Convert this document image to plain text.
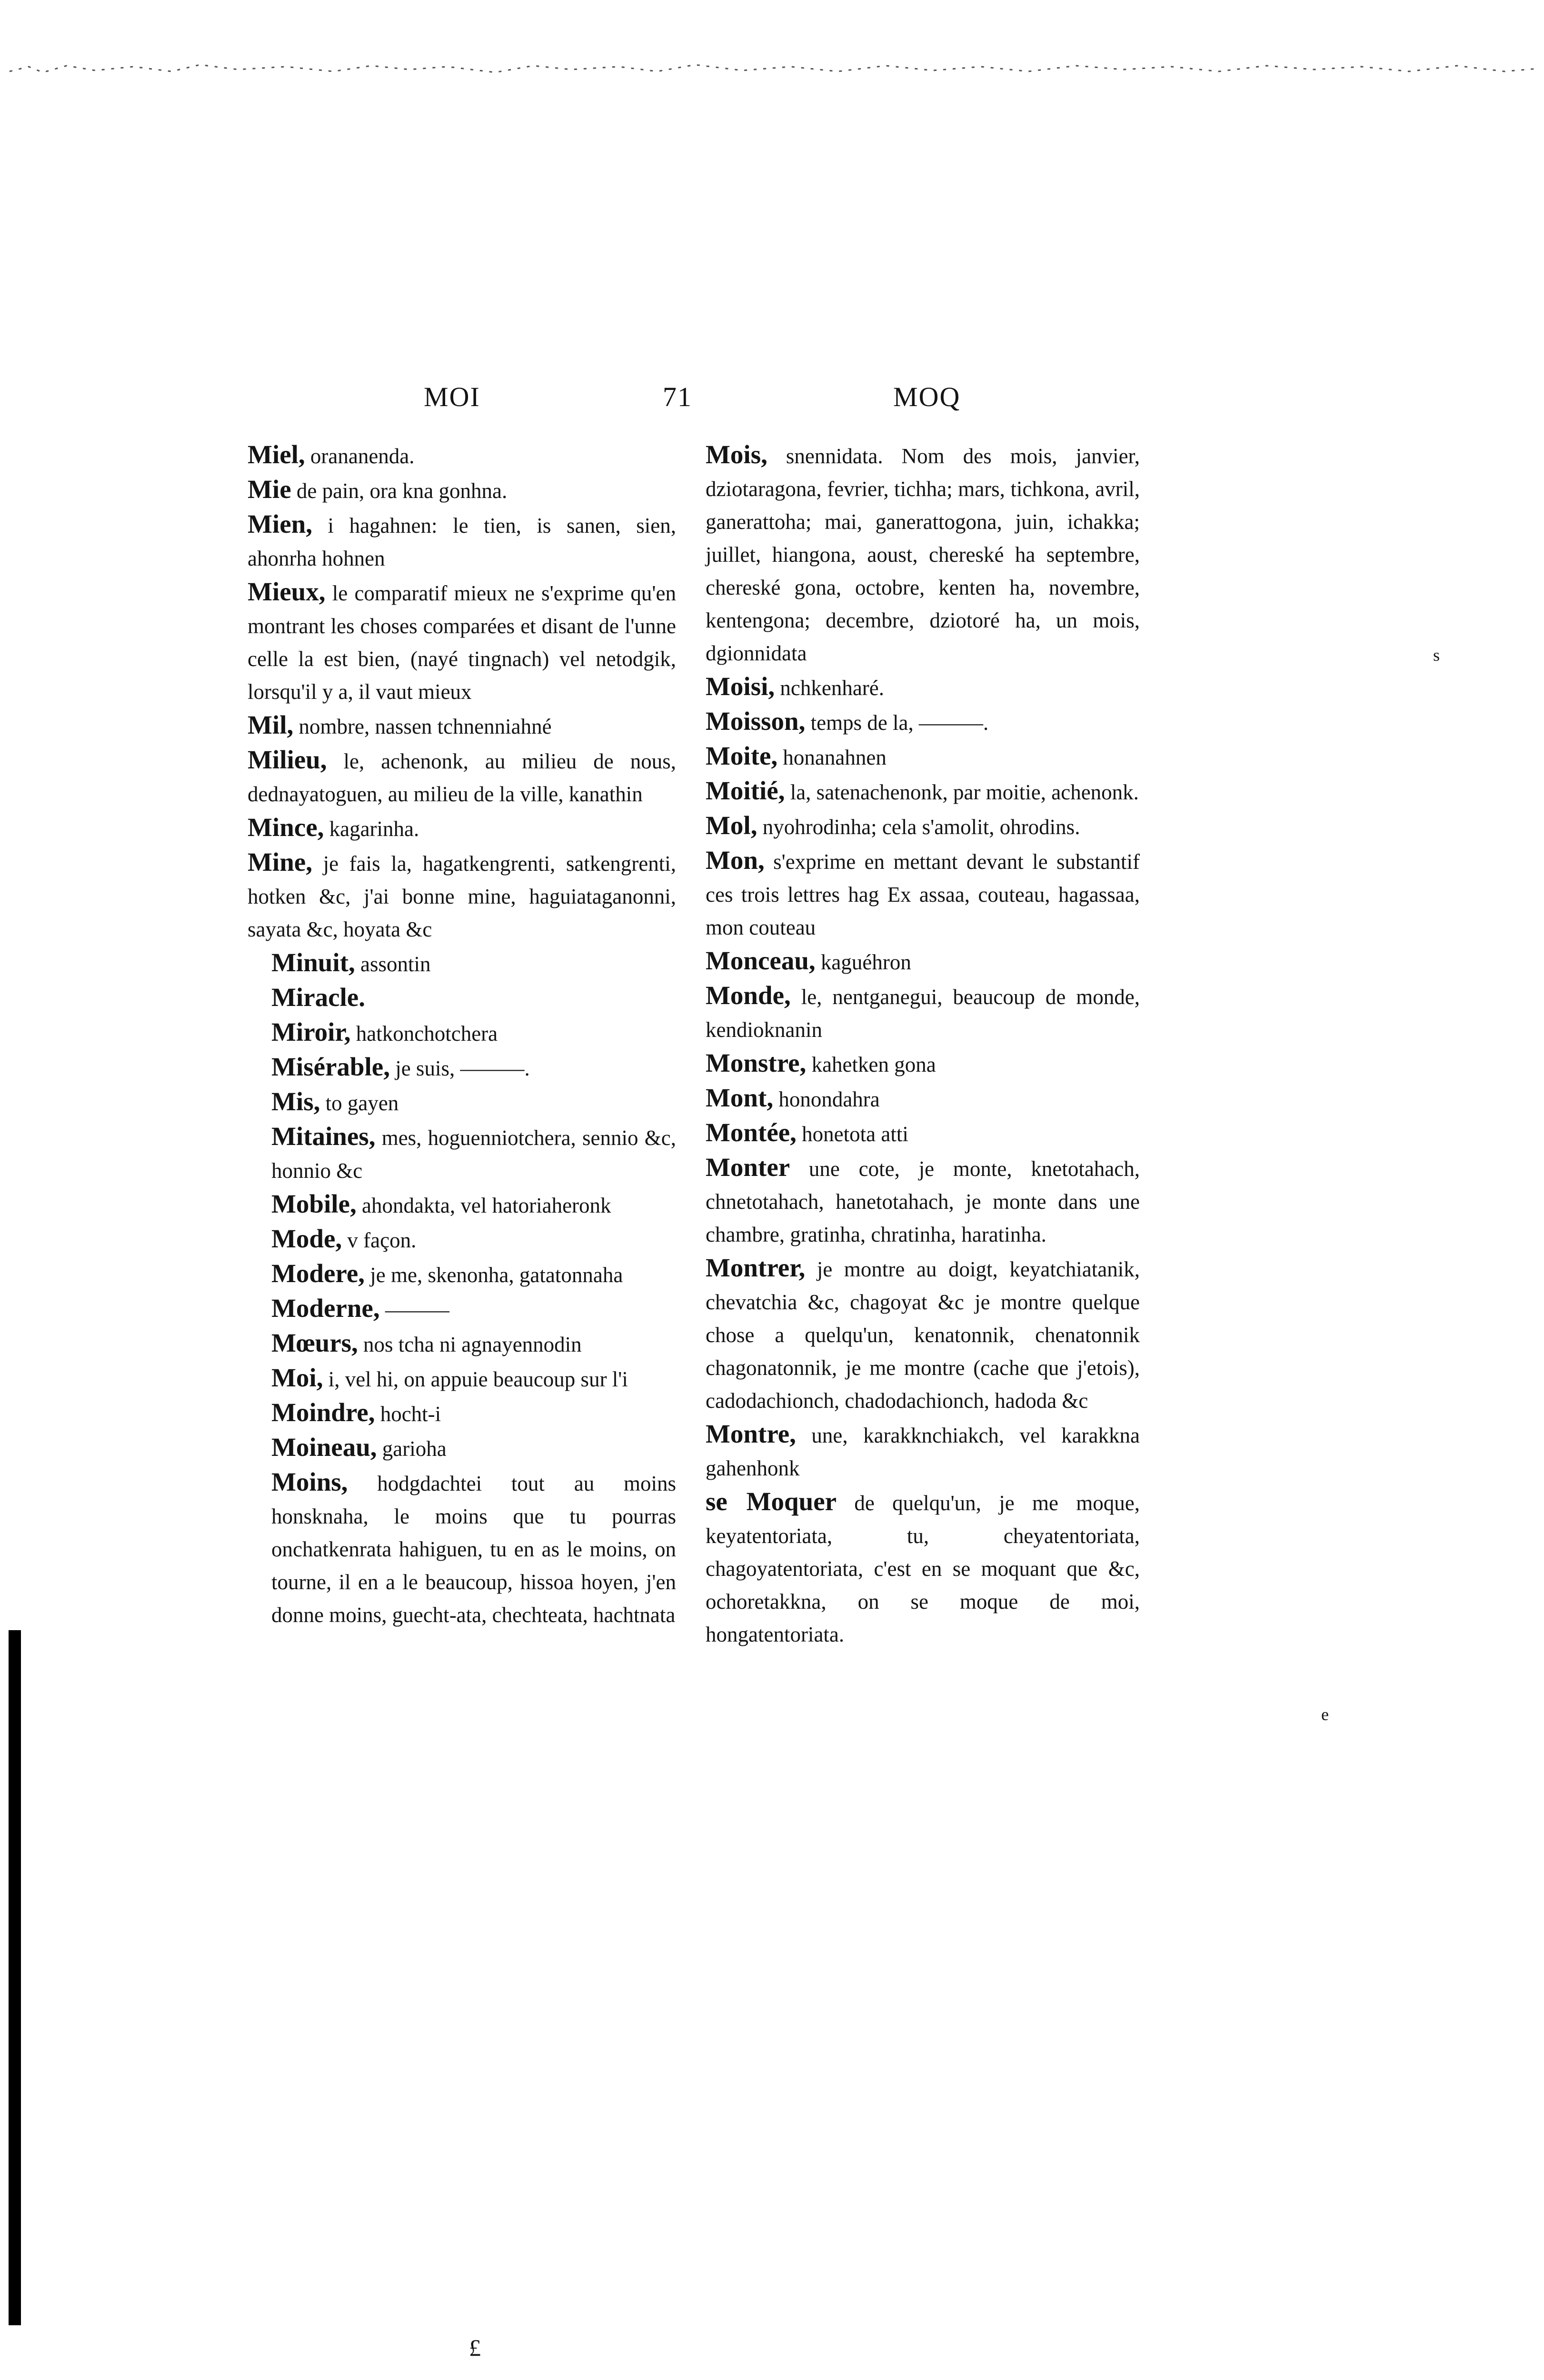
MOI	71	MOQ

Miel, orananenda.

Mie de pain, ora kna gonhna.

Mien, i hagahnen: le tien, is sanen, sien, ahonrha hohnen

Mieux, le comparatif mieux ne s'exprime qu'en montrant les choses comparées et disant de l'unne celle la est bien, (nayé tingnach) vel netodgik, lorsqu'il y a, il vaut mieux

Mil, nombre, nassen tchnenniahné

Milieu, le, achenonk, au milieu de nous, dednayatoguen, au milieu de la ville, kanathin

Mince, kagarinha.

Mine, je fais la, hagatkengrenti, satkengrenti, hotken &c, j'ai bonne mine, haguiataganonni, sayata &c, hoyata &c

Minuit, assontin

Miracle.

Miroir, hatkonchotchera

Misérable, je suis, ———.

Mis, to gayen

Mitaines, mes, hoguenniotchera, sennio &c, honnio &c

Mobile, ahondakta, vel hatoriaheronk

Mode, v façon.

Modere, je me, skenonha, gatatonnaha

Moderne, ———

Mœurs, nos tcha ni agnayennodin

Moi, i, vel hi, on appuie beaucoup sur l'i

Moindre, hocht-i

Moineau, garioha

Moins, hodgdachtei tout au moins honsknaha, le moins que tu pourras onchatkenrata hahiguen, tu en as le moins, on tourne, il en a le beaucoup, hissoa hoyen, j'en donne moins, guecht-ata, chechteata, hachtnata

Mois, snennidata. Nom des mois, janvier, dziotaragona, fevrier, tichha; mars, tichkona, avril, ganerattoha; mai, ganerattogona, juin, ichakka; juillet, hiangona, aoust, chereské ha septembre, chereské gona, octobre, kenten ha, novembre, kentengona; decembre, dziotoré ha, un mois, dgionnidata

Moisi, nchkenharé.

Moisson, temps de la, ———.

Moite, honanahnen

Moitié, la, satenachenonk, par moitie, achenonk.

Mol, nyohrodinha; cela s'amolit, ohrodins.

Mon, s'exprime en mettant devant le substantif ces trois lettres hag Ex assaa, couteau, hagassaa, mon couteau

Monceau, kaguéhron

Monde, le, nentganegui, beaucoup de monde, kendioknanin

Monstre, kahetken gona

Mont, honondahra

Montée, honetota atti

Monter une cote, je monte, knetotahach, chnetotahach, hanetotahach, je monte dans une chambre, gratinha, chratinha, haratinha.

Montrer, je montre au doigt, keyatchiatanik, chevatchia &c, chagoyat &c je montre quelque chose a quelqu'un, kenatonnik, chenatonnik chagonatonnik, je me montre (cache que j'etois), cadodachionch, chadodachionch, hadoda &c

Montre, une, karakknchiakch, vel karakkna gahenhonk

se Moquer de quelqu'un, je me moque, keyatentoriata, tu, cheyatentoriata, chagoyatentoriata, c'est en se moquant que &c, ochoretakkna, on se moque de moi, hongatentoriata.

s
e
£
